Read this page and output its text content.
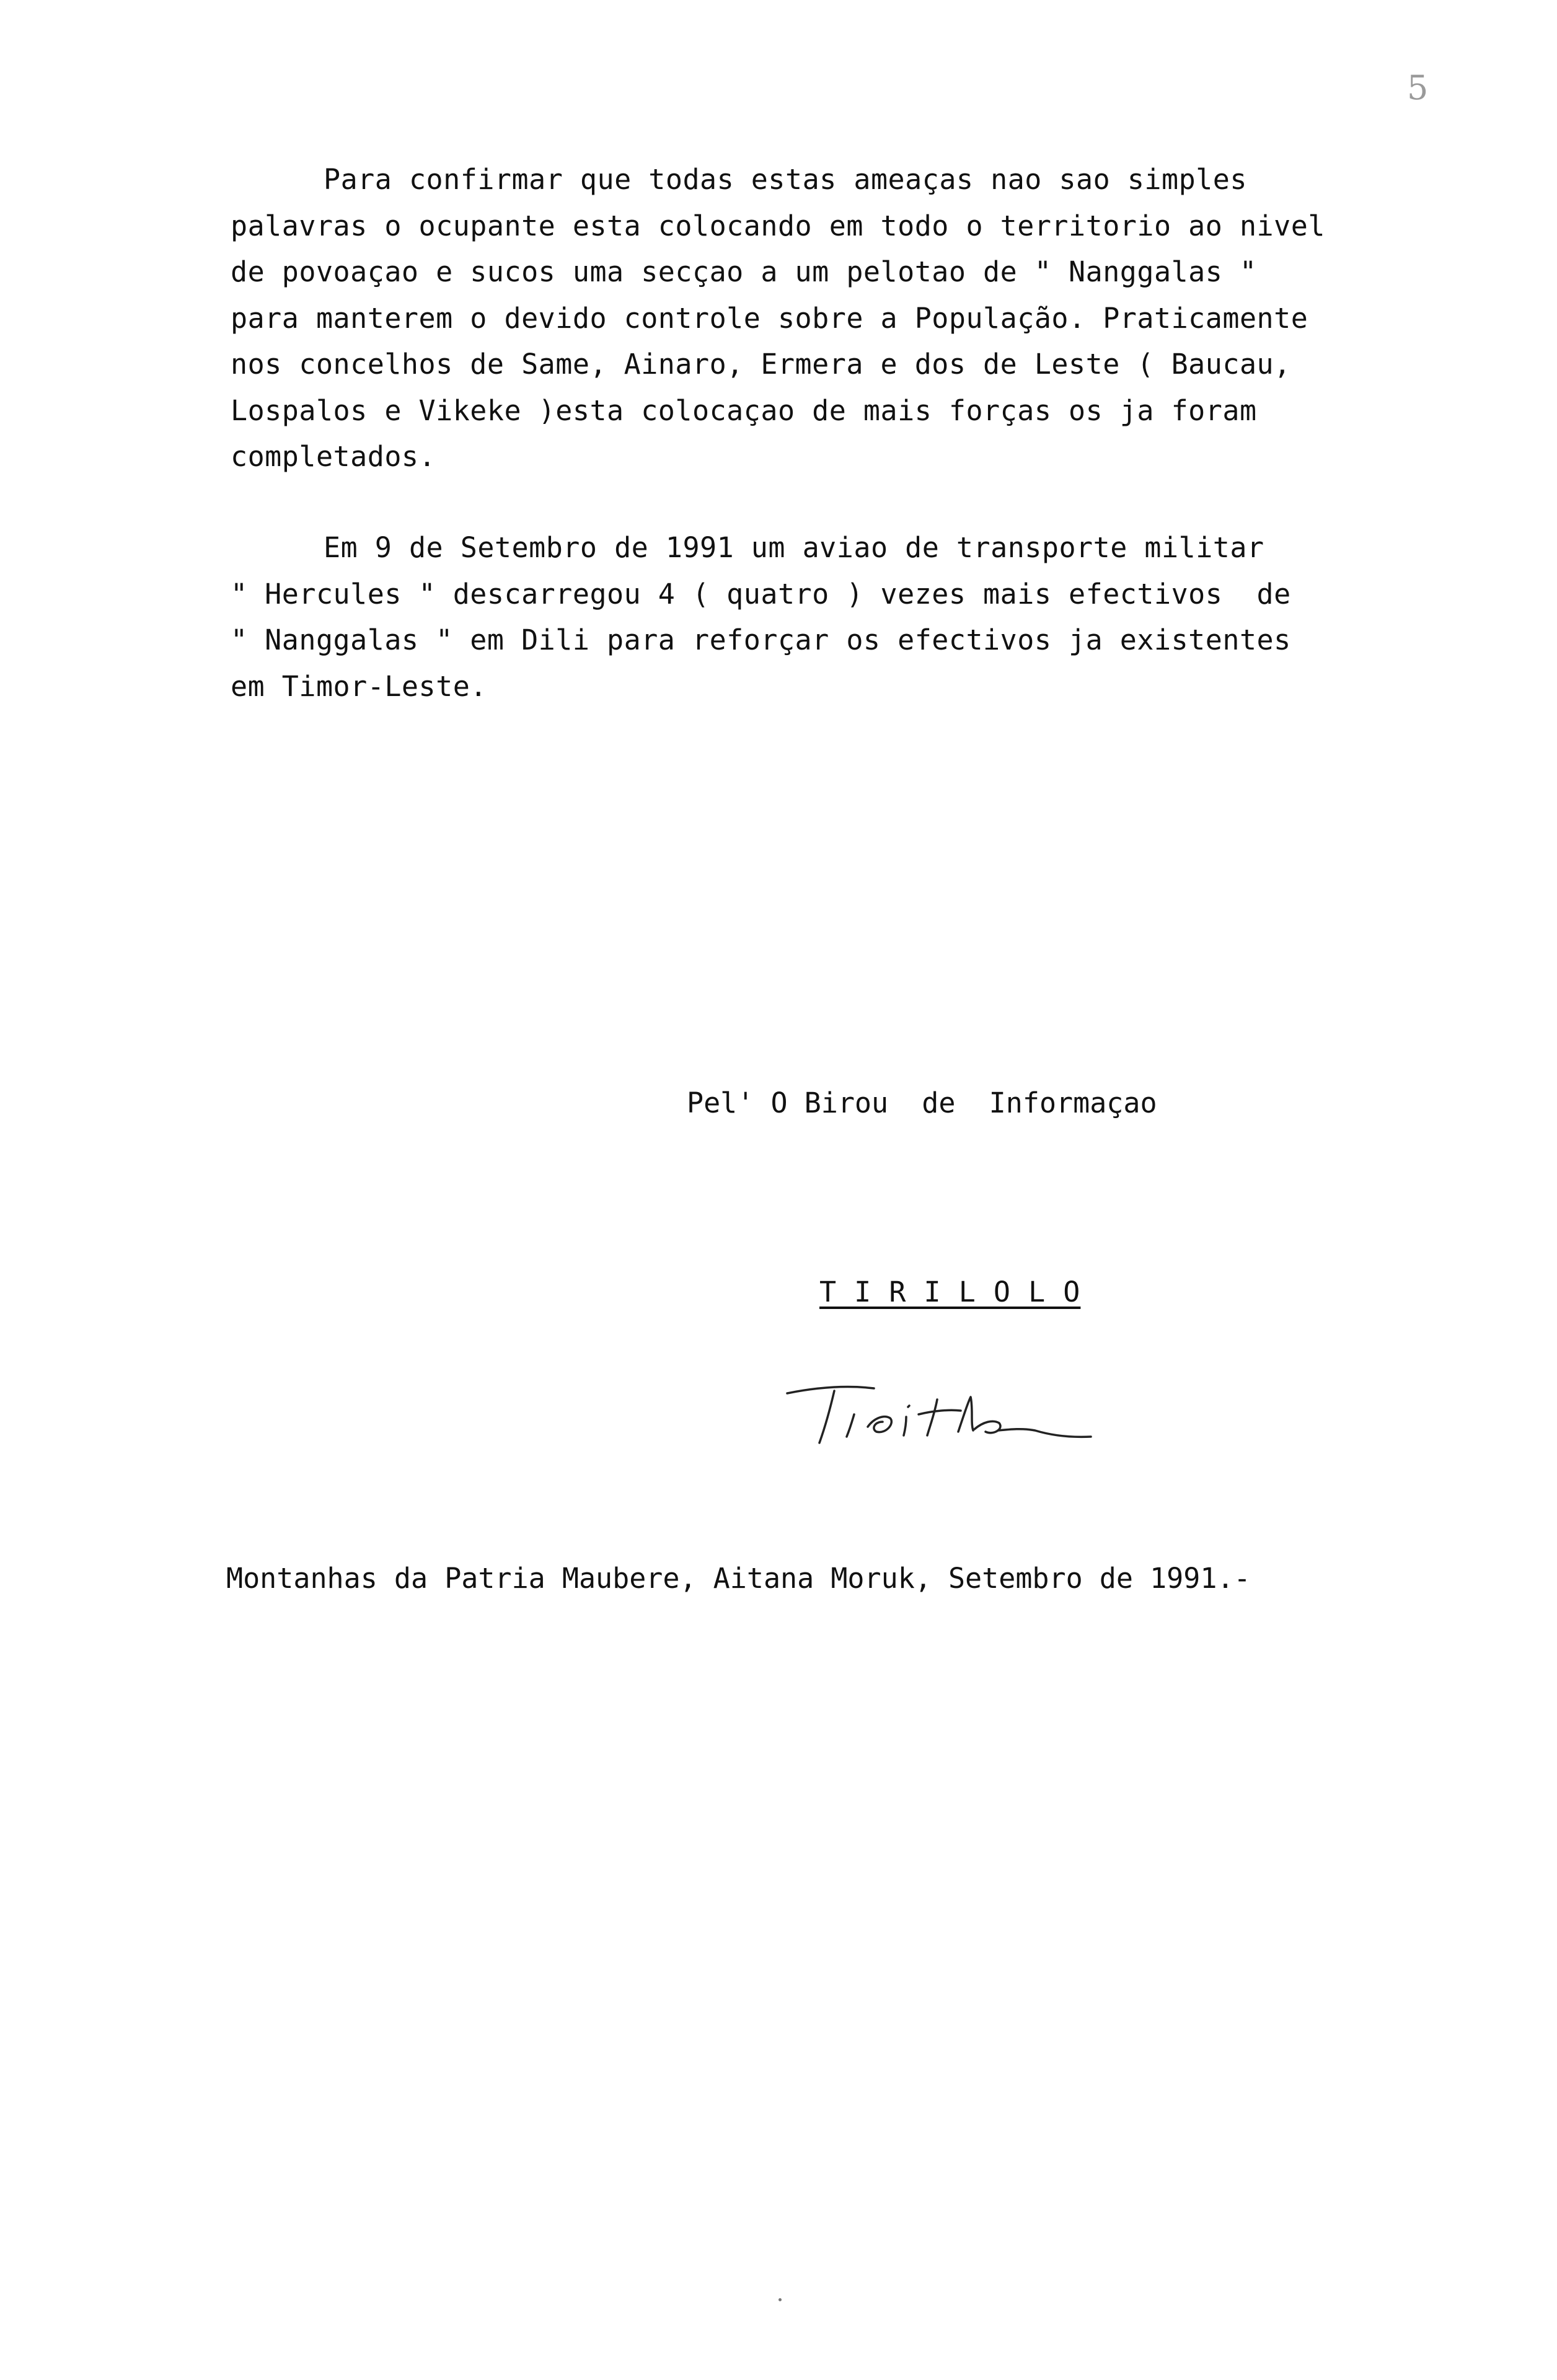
5
Para confirmar que todas estas ameaças nao sao simples
palavras o ocupante esta colocando em todo o territorio ao nivel
de povoaçao e sucos uma secçao a um pelotao de " Nanggalas "
para manterem o devido controle sobre a População. Praticamente
nos concelhos de Same, Ainaro, Ermera e dos de Leste ( Baucau,
Lospalos e Vikeke )esta colocaçao de mais forças os ja foram
completados.
Em 9 de Setembro de 1991 um aviao de transporte militar
" Hercules " descarregou 4 ( quatro ) vezes mais efectivos  de
" Nanggalas " em Dili para reforçar os efectivos ja existentes
em Timor-Leste.
Pel' O Birou  de  Informaçao
T I R I L O L O
Montanhas da Patria Maubere, Aitana Moruk, Setembro de 1991.-
